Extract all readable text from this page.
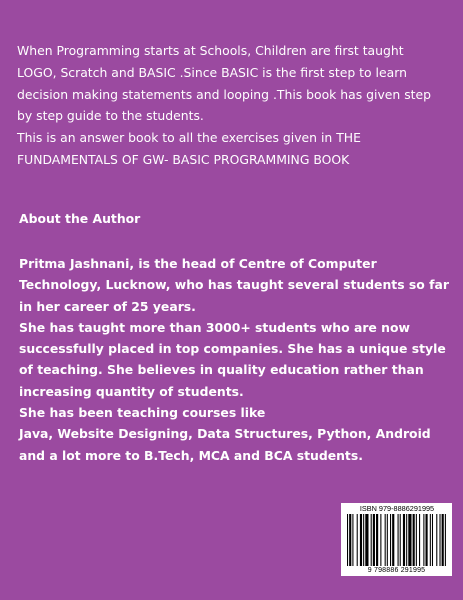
When Programming starts at Schools, Children are first taught LOGO, Scratch and BASIC .Since BASIC is the first step to learn decision making statements and looping .This book has given step by step guide to the students.

This is an answer book to all the exercises given in THE FUNDAMENTALS OF GW- BASIC PROGRAMMING BOOK

About the Author

Pritma Jashnani, is the head of Centre of Computer Technology, Lucknow, who has taught several students so far in her career of 25 years.

She has taught more than 3000+ students who are now successfully placed in top companies. She has a unique style of teaching. She believes in quality education rather than increasing quantity of students.

She has been teaching courses like

Java, Website Designing, Data Structures, Python, Android and a lot more to B.Tech, MCA and BCA students.

ISBN 979-8886291995
9 798886 291995
